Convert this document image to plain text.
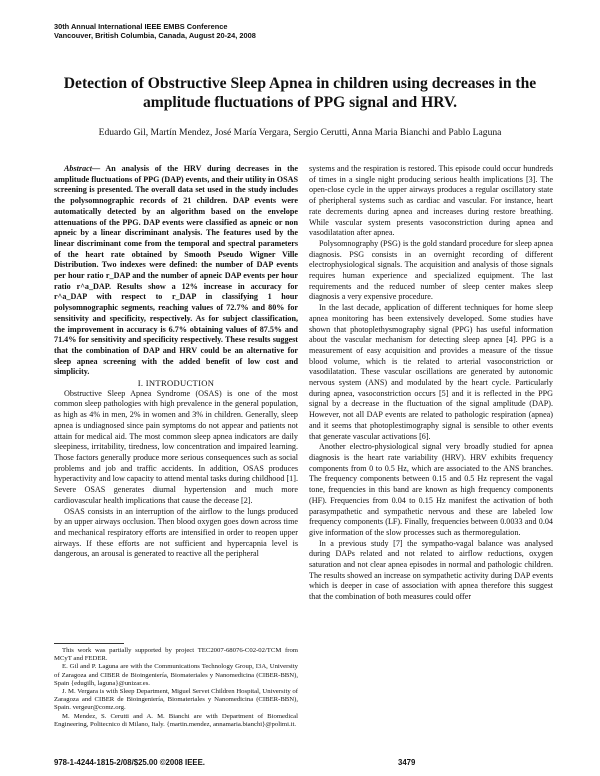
30th Annual International IEEE EMBS Conference
Vancouver, British Columbia, Canada, August 20-24, 2008
Detection of Obstructive Sleep Apnea in children using decreases in the amplitude fluctuations of PPG signal and HRV.
Eduardo Gil, Martín Mendez, José María Vergara, Sergio Cerutti, Anna Maria Bianchi and Pablo Laguna

Abstract— An analysis of the HRV during decreases in the amplitude fluctuations of PPG (DAP) events, and their utility in OSAS screening is presented. The overall data set used in the study includes the polysomnographic records of 21 children. DAP events were automatically detected by an algorithm based on the envelope attenuations of the PPG. DAP events were classified as apneic or non apneic by a linear discriminant analysis. The features used by the linear discriminant come from the temporal and spectral parameters of the heart rate obtained by Smooth Pseudo Wigner Ville Distribution. Two indexes were defined: the number of DAP events per hour ratio r_DAP and the number of apneic DAP events per hour ratio r^a_DAP. Results show a 12% increase in accuracy for r^a_DAP with respect to r_DAP in classifying 1 hour polysomnographic segments, reaching values of 72.7% and 80% for sensitivity and specificity, respectively. As for subject classification, the improvement in accuracy is 6.7% obtaining values of 87.5% and 71.4% for sensitivity and specificity respectively. These results suggest that the combination of DAP and HRV could be an alternative for sleep apnea screening with the added benefit of low cost and simplicity.

I. INTRODUCTION

Obstructive Sleep Apnea Syndrome (OSAS) is one of the most common sleep pathologies with high prevalence in the general population, as high as 4% in men, 2% in women and 3% in children. Generally, sleep apnea is undiagnosed since pain symptoms do not appear and patients not attain for medical aid. The most common sleep apnea indicators are daily sleepiness, irritability, tiredness, low concentration and impaired learning. Those factors generally produce more serious consequences such as social problems and job and traffic accidents. In addition, OSAS produces hyperactivity and low capacity to attend mental tasks during childhood [1]. Severe OSAS generates diurnal hypertension and much more cardiovascular health implications that cause the decease [2].

OSAS consists in an interruption of the airflow to the lungs produced by an upper airways occlusion. Then blood oxygen goes down across time and mechanical respiratory efforts are intensified in order to reopen upper airways. If these efforts are not sufficient and hypercapnia level is dangerous, an arousal is generated to reactive all the peripheral

This work was partially supported by project TEC2007-68076-C02-02/TCM from MCyT and FEDER.

E. Gil and P. Laguna are with the Communications Technology Group, I3A, University of Zaragoza and CIBER de Bioingeniería, Biomateriales y Nanomedicina (CIBER-BBN), Spain {edugilh, laguna}@unizar.es.

J. M. Vergara is with Sleep Department, Miguel Servet Children Hospital, University of Zaragoza and CIBER de Bioingeniería, Biomateriales y Nanomedicina (CIBER-BBN), Spain. vergeur@comz.org.

M. Mendez, S. Cerutti and A. M. Bianchi are with Department of Biomedical Engineering, Politecnico di Milano, Italy. {martin.mendez, annamaria.bianchi}@polimi.it.

systems and the respiration is restored. This episode could occur hundreds of times in a single night producing serious health implications [3]. The open-close cycle in the upper airways produces a regular oscillatory state of pheripheral systems such as cardiac and vascular. For instance, heart rate decrements during apnea and increases during restore breathing. While vascular system presents vasoconstriction during apnea and vasodilatation after apnea.

Polysomnography (PSG) is the gold standard procedure for sleep apnea diagnosis. PSG consists in an overnight recording of different electrophysiological signals. The acquisition and analysis of those signals requires human experience and specialized equipment. The last requirements and the reduced number of sleep center makes sleep diagnosis a very expensive procedure.

In the last decade, application of different techniques for home sleep apnea monitoring has been extensively developed. Some studies have shown that photoplethysmography signal (PPG) has useful information about the vascular mechanism for detecting sleep apnea [4]. PPG is a measurement of easy acquisition and provides a measure of the tissue blood volume, which is tie related to arterial vasoconstriction or vasodilatation. These vascular oscillations are generated by autonomic nervous system (ANS) and modulated by the heart cycle. Particularly during apnea, vasoconstriction occurs [5] and it is reflected in the PPG signal by a decrease in the fluctuation of the signal amplitude (DAP). However, not all DAP events are related to pathologic respiration (apnea) and it seems that photoplestimography signal is sensible to other events that generate vascular activations [6].

Another electro-physiological signal very broadly studied for apnea diagnosis is the heart rate variability (HRV). HRV exhibits frequency components from 0 to 0.5 Hz, which are associated to the ANS branches. The frequency components between 0.15 and 0.5 Hz represent the vagal tone, frequencies in this band are known as high frequency components (HF). Frequencies from 0.04 to 0.15 Hz manifest the activation of both parasympathetic and sympathetic nervous and these are labeled low frequency components (LF). Finally, frequencies between 0.0033 and 0.04 give information of the slow processes such as thermoregulation.

In a previous study [7] the sympatho-vagal balance was analysed during DAPs related and not related to airflow reductions, oxygen saturation and not clear apnea episodes in normal and pathologic children. The results showed an increase on sympathetic activity during DAP events which is deeper in case of association with apnea therefore this suggest that the combination of both measures could offer

978-1-4244-1815-2/08/$25.00 ©2008 IEEE.	3479
